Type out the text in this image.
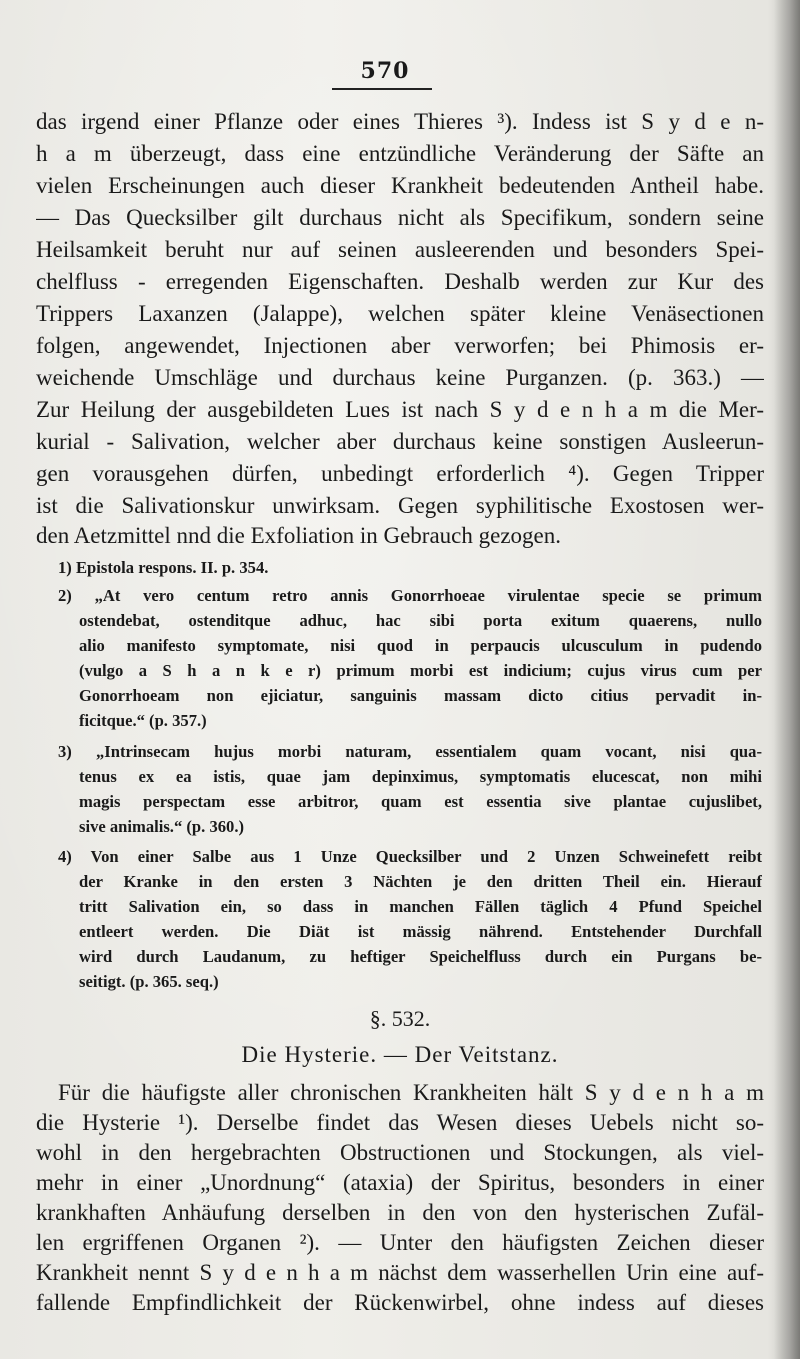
570
das irgend einer Pflanze oder eines Thieres ³). Indess ist S y d e n-
h a m überzeugt, dass eine entzündliche Veränderung der Säfte an
vielen Erscheinungen auch dieser Krankheit bedeutenden Antheil habe.
— Das Quecksilber gilt durchaus nicht als Specifikum, sondern seine
Heilsamkeit beruht nur auf seinen ausleerenden und besonders Spei-
chelfluss - erregenden Eigenschaften. Deshalb werden zur Kur des
Trippers Laxanzen (Jalappe), welchen später kleine Venäsectionen
folgen, angewendet, Injectionen aber verworfen; bei Phimosis er-
weichende Umschläge und durchaus keine Purganzen. (p. 363.) —
Zur Heilung der ausgebildeten Lues ist nach S y d e n h a m die Mer-
kurial - Salivation, welcher aber durchaus keine sonstigen Ausleerun-
gen vorausgehen dürfen, unbedingt erforderlich ⁴). Gegen Tripper
ist die Salivationskur unwirksam. Gegen syphilitische Exostosen wer-
den Aetzmittel nnd die Exfoliation in Gebrauch gezogen.
1) Epistola respons. II. p. 354.
2) „At vero centum retro annis Gonorrhoeae virulentae specie se primum
ostendebat, ostenditque adhuc, hac sibi porta exitum quaerens, nullo
alio manifesto symptomate, nisi quod in perpaucis ulcusculum in pudendo
(vulgo a S h a n k e r) primum morbi est indicium; cujus virus cum per
Gonorrhoeam non ejiciatur, sanguinis massam dicto citius pervadit in-
ficitque.“ (p. 357.)
3) „Intrinsecam hujus morbi naturam, essentialem quam vocant, nisi qua-
tenus ex ea istis, quae jam depinximus, symptomatis elucescat, non mihi
magis perspectam esse arbitror, quam est essentia sive plantae cujuslibet,
sive animalis.“ (p. 360.)
4) Von einer Salbe aus 1 Unze Quecksilber und 2 Unzen Schweinefett reibt
der Kranke in den ersten 3 Nächten je den dritten Theil ein. Hierauf
tritt Salivation ein, so dass in manchen Fällen täglich 4 Pfund Speichel
entleert werden. Die Diät ist mässig nährend. Entstehender Durchfall
wird durch Laudanum, zu heftiger Speichelfluss durch ein Purgans be-
seitigt. (p. 365. seq.)
§. 532.
Die Hysterie. — Der Veitstanz.
Für die häufigste aller chronischen Krankheiten hält S y d e n h a m
die Hysterie ¹). Derselbe findet das Wesen dieses Uebels nicht so-
wohl in den hergebrachten Obstructionen und Stockungen, als viel-
mehr in einer „Unordnung“ (ataxia) der Spiritus, besonders in einer
krankhaften Anhäufung derselben in den von den hysterischen Zufäl-
len ergriffenen Organen ²). — Unter den häufigsten Zeichen dieser
Krankheit nennt S y d e n h a m nächst dem wasserhellen Urin eine auf-
fallende Empfindlichkeit der Rückenwirbel, ohne indess auf dieses
